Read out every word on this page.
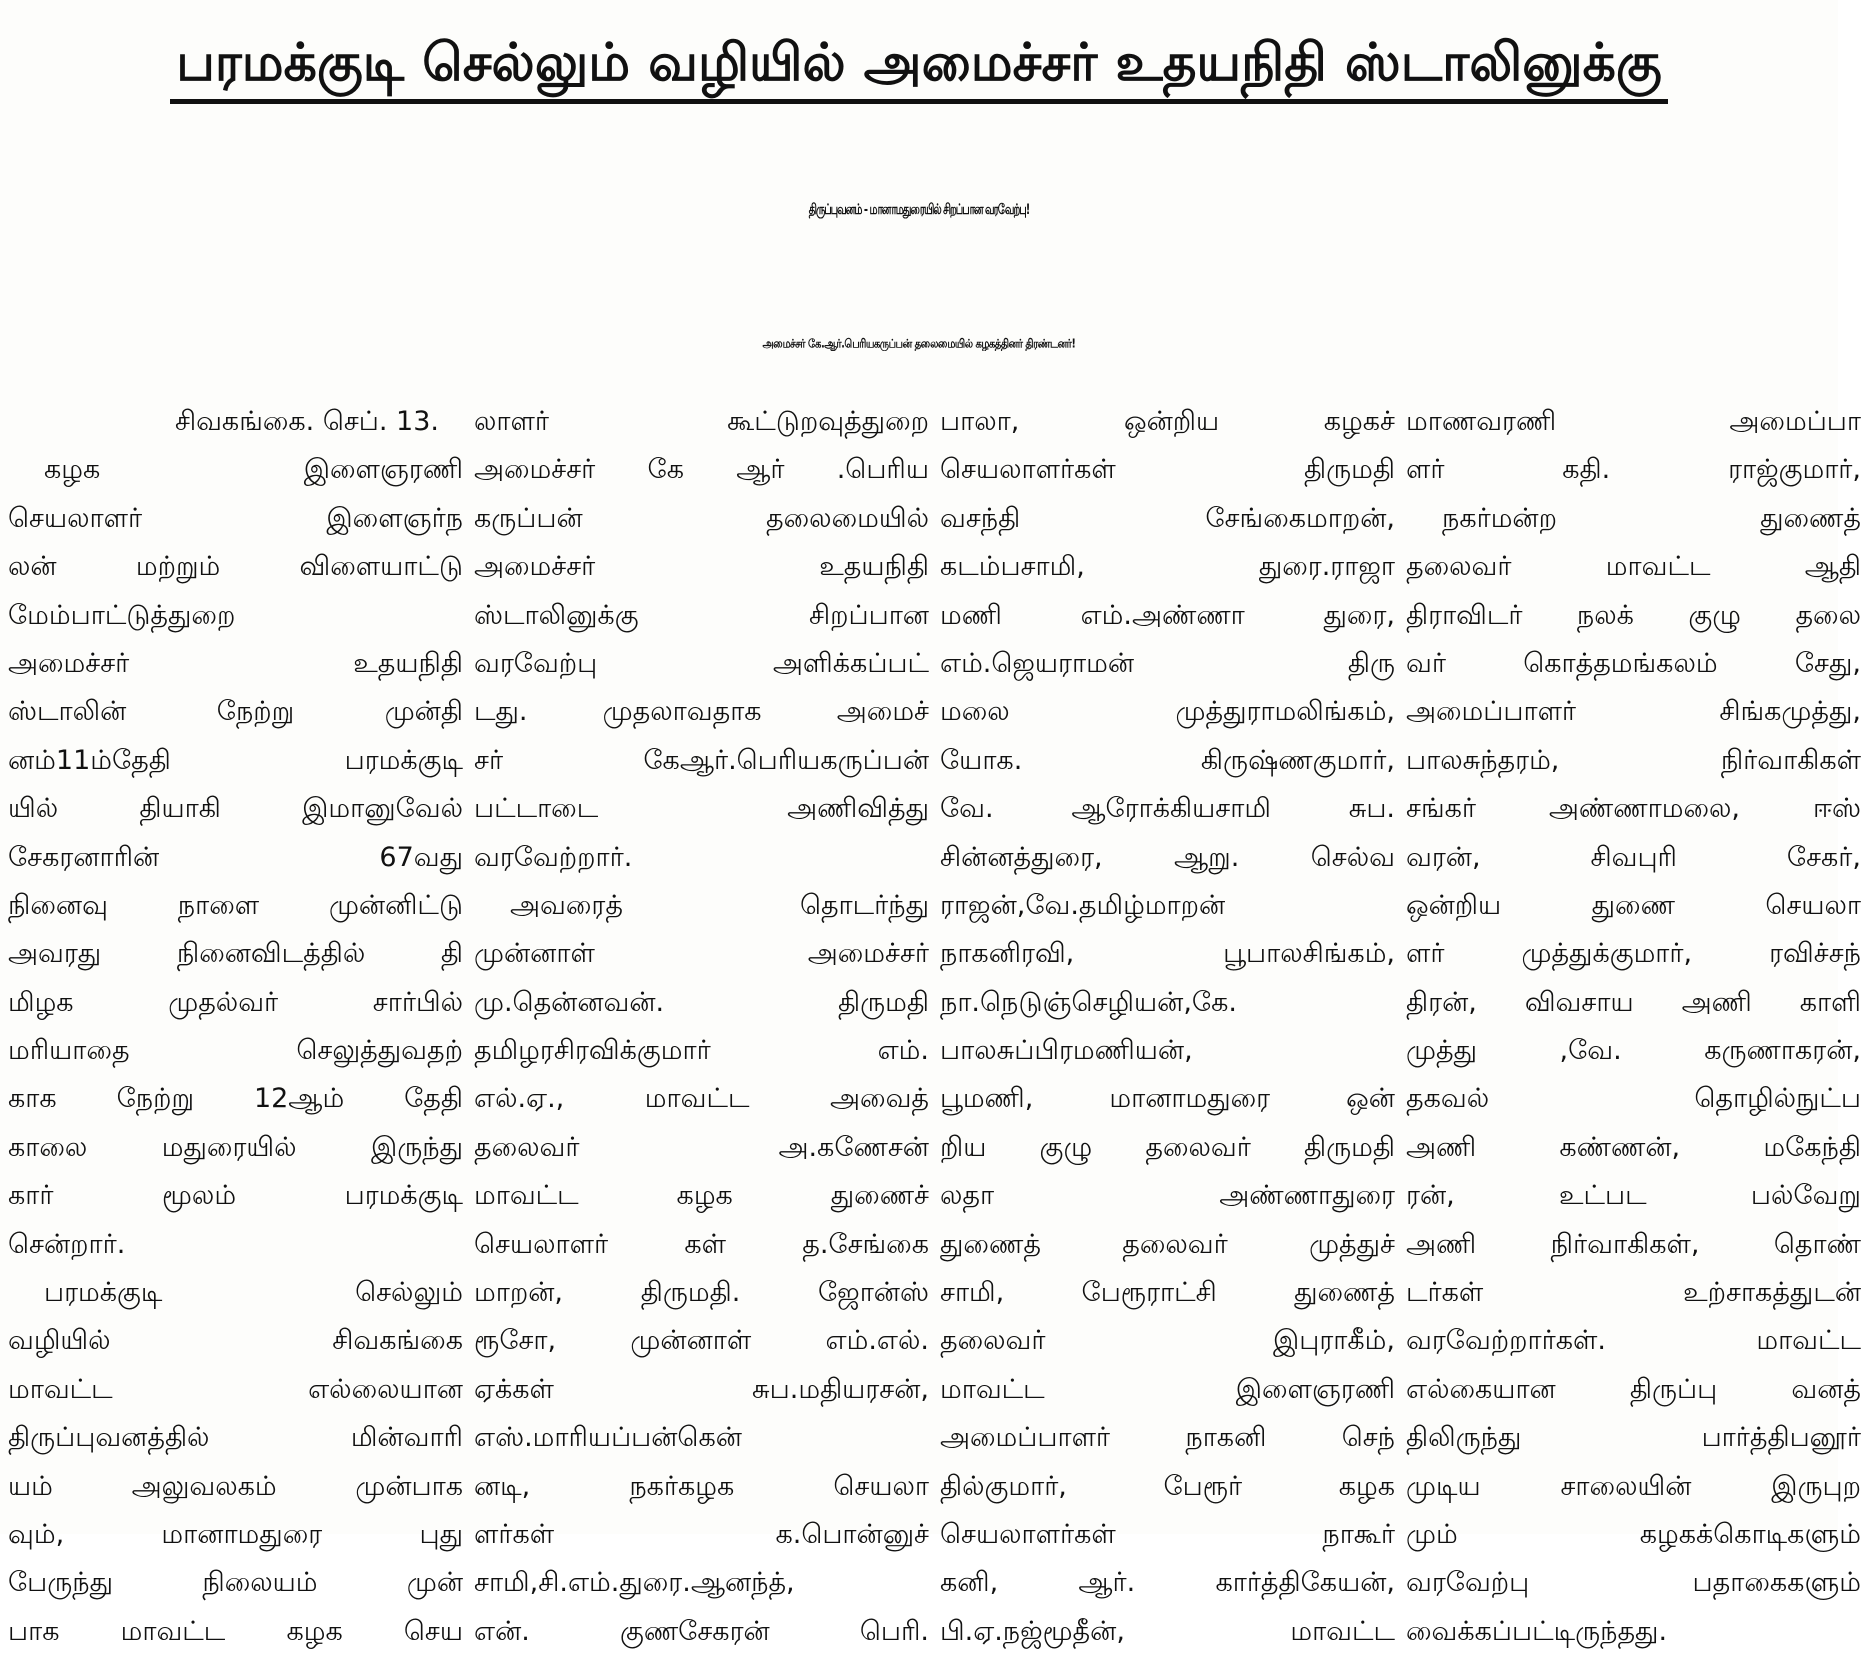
பரமக்குடி செல்லும் வழியில் அமைச்சர் உதயநிதி ஸ்டாலினுக்கு
திருப்புவனம் - மானாமதுரையில் சிறப்பான வரவேற்பு!
அமைச்சர் கே.ஆர்.பெரியகருப்பன் தலைமையில் கழகத்தினர் திரண்டனர்!
சிவகங்கை. செப். 13.
கழக இளைஞரணி
செயலாளர் இளைஞர்ந
லன் மற்றும் விளையாட்டு
மேம்பாட்டுத்துறை
அமைச்சர் உதயநிதி
ஸ்டாலின் நேற்று முன்தி
னம்11ம்தேதி பரமக்குடி
யில் தியாகி இமானுவேல்
சேகரனாரின் 67வது
நினைவு நாளை முன்னிட்டு
அவரது நினைவிடத்தில் தி
மிழக முதல்வர் சார்பில்
மரியாதை செலுத்துவதற்
காக நேற்று 12ஆம் தேதி
காலை மதுரையில் இருந்து
கார் மூலம் பரமக்குடி
சென்றார்.
பரமக்குடி செல்லும்
வழியில் சிவகங்கை
மாவட்ட எல்லையான
திருப்புவனத்தில் மின்வாரி
யம் அலுவலகம் முன்பாக
வும், மானாமதுரை புது
பேருந்து நிலையம் முன்
பாக மாவட்ட கழக செய
லாளர் கூட்டுறவுத்துறை
அமைச்சர் கே ஆர் .பெரிய
கருப்பன் தலைமையில்
அமைச்சர் உதயநிதி
ஸ்டாலினுக்கு சிறப்பான
வரவேற்பு அளிக்கப்பட்
டது. முதலாவதாக அமைச்
சர் கேஆர்.பெரியகருப்பன்
பட்டாடை அணிவித்து
வரவேற்றார்.
அவரைத் தொடர்ந்து
முன்னாள் அமைச்சர்
மு.தென்னவன். திருமதி
தமிழரசிரவிக்குமார் எம்.
எல்.ஏ., மாவட்ட அவைத்
தலைவர் அ.கணேசன்
மாவட்ட கழக துணைச்
செயலாளர் கள் த.சேங்கை
மாறன், திருமதி. ஜோன்ஸ்
ரூசோ, முன்னாள் எம்.எல்.
ஏக்கள் சுப.மதியரசன்,
எஸ்.மாரியப்பன்கென்
னடி, நகர்கழக செயலா
ளர்கள் க.பொன்னுச்
சாமி,சி.எம்.துரை.ஆனந்த்,
என். குணசேகரன் பெரி.
பாலா, ஒன்றிய கழகச்
செயலாளர்கள் திருமதி
வசந்தி சேங்கைமாறன்,
கடம்பசாமி, துரை.ராஜா
மணி எம்.அண்ணா துரை,
எம்.ஜெயராமன் திரு
மலை முத்துராமலிங்கம்,
யோக. கிருஷ்ணகுமார்,
வே. ஆரோக்கியசாமி சுப.
சின்னத்துரை, ஆறு. செல்வ
ராஜன்,வே.தமிழ்மாறன்
நாகனிரவி, பூபாலசிங்கம்,
நா.நெடுஞ்செழியன்,கே.
பாலசுப்பிரமணியன்,
பூமணி, மானாமதுரை ஒன்
றிய குழு தலைவர் திருமதி
லதா அண்ணாதுரை
துணைத் தலைவர் முத்துச்
சாமி, பேரூராட்சி துணைத்
தலைவர் இபுராகீம்,
மாவட்ட இளைஞரணி
அமைப்பாளர் நாகனி செந்
தில்குமார், பேரூர் கழக
செயலாளர்கள் நாகூர்
கனி, ஆர். கார்த்திகேயன்,
பி.ஏ.நஜ்மூதீன், மாவட்ட
மாணவரணி அமைப்பா
ளர் கதி. ராஜ்குமார்,
நகர்மன்ற துணைத்
தலைவர் மாவட்ட ஆதி
திராவிடர் நலக் குழு தலை
வர் கொத்தமங்கலம் சேது,
அமைப்பாளர் சிங்கமுத்து,
பாலசுந்தரம், நிர்வாகிகள்
சங்கர் அண்ணாமலை, ஈஸ்
வரன், சிவபுரி சேகர்,
ஒன்றிய துணை செயலா
ளர் முத்துக்குமார், ரவிச்சந்
திரன், விவசாய அணி காளி
முத்து ,வே. கருணாகரன்,
தகவல் தொழில்நுட்ப
அணி கண்ணன், மகேந்தி
ரன், உட்பட பல்வேறு
அணி நிர்வாகிகள், தொண்
டர்கள் உற்சாகத்துடன்
வரவேற்றார்கள். மாவட்ட
எல்கையான திருப்பு வனத்
திலிருந்து பார்த்திபனூர்
முடிய சாலையின் இருபுற
மும் கழகக்கொடிகளும்
வரவேற்பு பதாகைகளும்
வைக்கப்பட்டிருந்தது.
